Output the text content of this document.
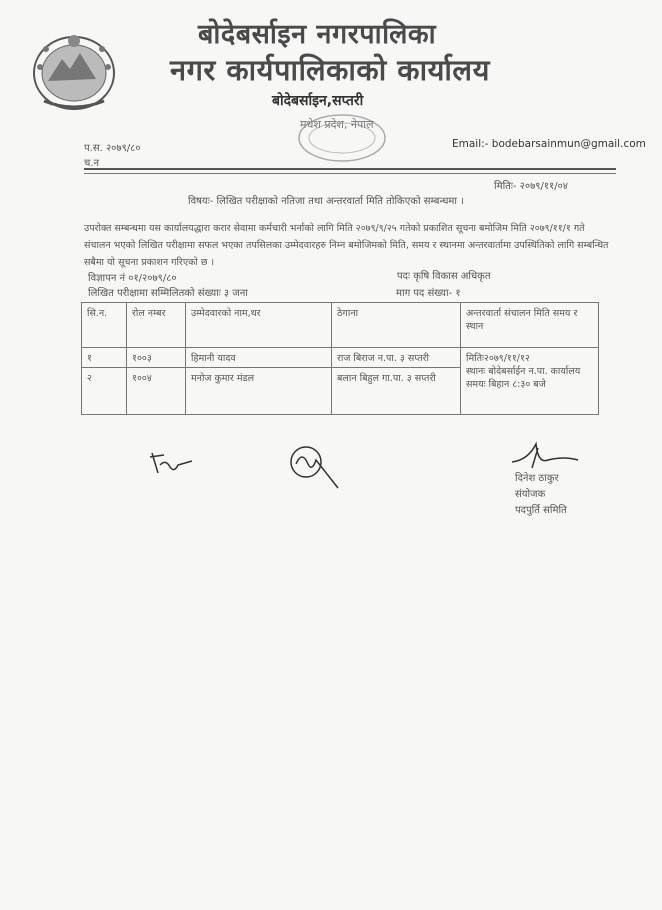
बोदेबर्साइन नगरपालिका
नगर कार्यपालिकाको कार्यालय
बोदेबर्साइन,सप्तरी
मधेश प्रदेश, नेपाल
प.स. २०७९/८०
च.न
Email:- bodebarsainmun@gmail.com
मितिः- २०७९/११/०४
विषयः- लिखित परीक्षाको नतिजा तथा अन्तरवार्ता मिति तोकिएको सम्बन्धमा ।
उपरोक्त सम्बन्धमा यस कार्यालयद्धारा करार सेवामा कर्मचारी भर्नाको लागि मिति २०७९/९/२५ गतेको प्रकाशित सूचना बमोजिम मिति २०७९/११/१ गते संचालन भएको लिखित परीक्षामा सफल भएका तपसिलका उम्मेदवारहरु निम्न बमोजिमको मिति, समय र स्थानमा अन्तरवार्तामा उपस्थितिको लागि सम्बन्धित सबैमा यो सूचना प्रकाशन गरिएको छ ।
विज्ञापन नं ०१/२०७९/८०	पदः कृषि विकास अधिकृत
लिखित परीक्षामा सम्मिलितको संख्याः ३ जना	माग पद संख्या- १
सि.न.	रोल नम्बर	उम्मेदवारको नाम,थर	ठेगाना	अन्तरवार्ता संचालन मिति समय र स्थान
१	१००३	हिमानी यादव	राज बिराज न.पा. ३ सप्तरी	मितिः२०७९/११/१२
स्थानः बोदेबर्साईन न.पा. कार्यालय
समयः बिहान ८:३० बजे

२	१००४	मनोज कुमार मंडल	बलान बिहुल गा.पा. ३ सप्तरी	
दिनेश ठाकुर
संयोजक
पदपुर्ति समिति
